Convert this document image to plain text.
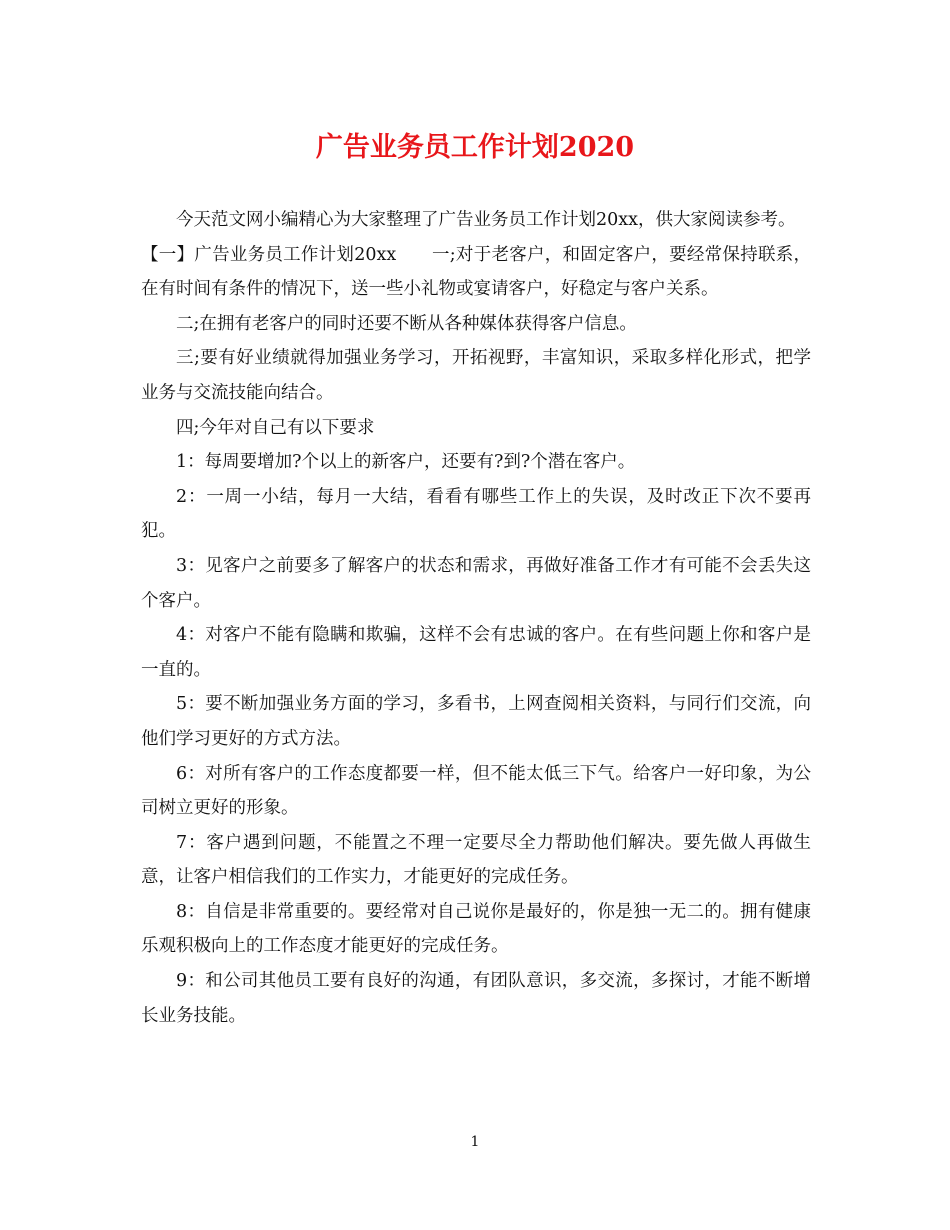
广告业务员工作计划2020

今天范文网小编精心为大家整理了广告业务员工作计划20xx，供大家阅读参考。

【一】广告业务员工作计划20xx　　一;对于老客户，和固定客户，要经常保持联系，在有时间有条件的情况下，送一些小礼物或宴请客户，好稳定与客户关系。

二;在拥有老客户的同时还要不断从各种媒体获得客户信息。

三;要有好业绩就得加强业务学习，开拓视野，丰富知识，采取多样化形式，把学业务与交流技能向结合。

四;今年对自己有以下要求

1：每周要增加?个以上的新客户，还要有?到?个潜在客户。

2：一周一小结，每月一大结，看看有哪些工作上的失误，及时改正下次不要再犯。

3：见客户之前要多了解客户的状态和需求，再做好准备工作才有可能不会丢失这个客户。

4：对客户不能有隐瞒和欺骗，这样不会有忠诚的客户。在有些问题上你和客户是一直的。

5：要不断加强业务方面的学习，多看书，上网查阅相关资料，与同行们交流，向他们学习更好的方式方法。

6：对所有客户的工作态度都要一样，但不能太低三下气。给客户一好印象，为公司树立更好的形象。

7：客户遇到问题，不能置之不理一定要尽全力帮助他们解决。要先做人再做生意，让客户相信我们的工作实力，才能更好的完成任务。

8：自信是非常重要的。要经常对自己说你是最好的，你是独一无二的。拥有健康乐观积极向上的工作态度才能更好的完成任务。

9：和公司其他员工要有良好的沟通，有团队意识，多交流，多探讨，才能不断增长业务技能。

1
